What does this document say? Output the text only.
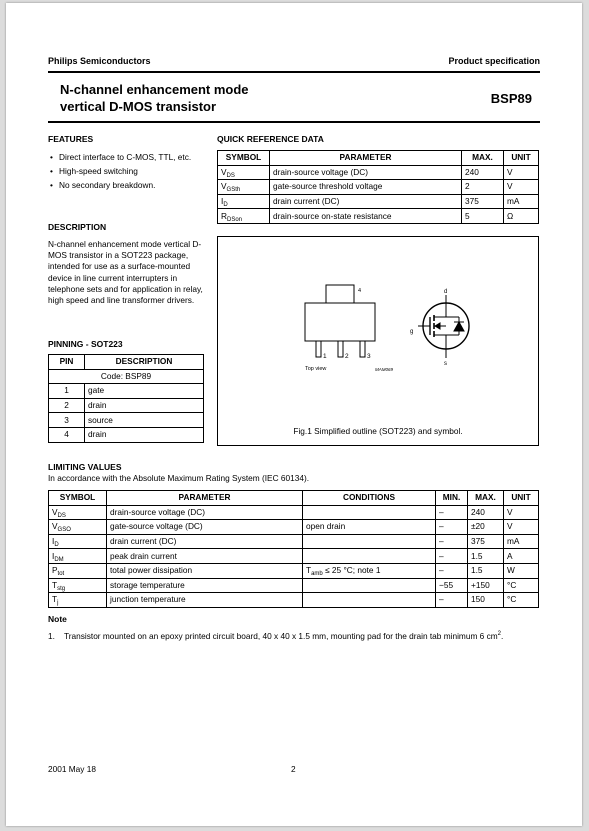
Philips Semiconductors	Product specification
N-channel enhancement mode
vertical D-MOS transistor
BSP89
FEATURES
• Direct interface to C-MOS, TTL, etc.
• High-speed switching
• No secondary breakdown.
DESCRIPTION
N-channel enhancement mode vertical D-MOS transistor in a SOT223 package, intended for use as a surface-mounted device in line current interrupters in telephone sets and for application in relay, high speed and line transformer drivers.
PINNING - SOT223
PIN	DESCRIPTION
Code: BSP89	
1	gate
2	drain
3	source
4	drain
QUICK REFERENCE DATA
SYMBOL	PARAMETER	MAX.	UNIT
$V_{DS}$	drain-source voltage (DC)	240	V
$V_{GSth}$	gate-source threshold voltage	2	V
$I_D$	drain current (DC)	375	mA
$R_{DSon}$	drain-source on-state resistance	5	Ω
4
1	2	3
Top view	MAM069
d
g
s
Fig.1 Simplified outline (SOT223) and symbol.
LIMITING VALUES
In accordance with the Absolute Maximum Rating System (IEC 60134).
SYMBOL	PARAMETER	CONDITIONS	MIN.	MAX.	UNIT
$V_{DS}$	drain-source voltage (DC)		–	240	V
$V_{GSO}$	gate-source voltage (DC)	open drain	–	±20	V
$I_D$	drain current (DC)		–	375	mA
$I_{DM}$	peak drain current		–	1.5	A
$P_{tot}$	total power dissipation	$T_{amb} \le 25$ °C; note 1	–	1.5	W
$T_{stg}$	storage temperature		−55	+150	°C
$T_j$	junction temperature		–	150	°C
Note
1. Transistor mounted on an epoxy printed circuit board, 40 x 40 x 1.5 mm, mounting pad for the drain tab minimum 6 $cm^2$.
2001 May 18	2
